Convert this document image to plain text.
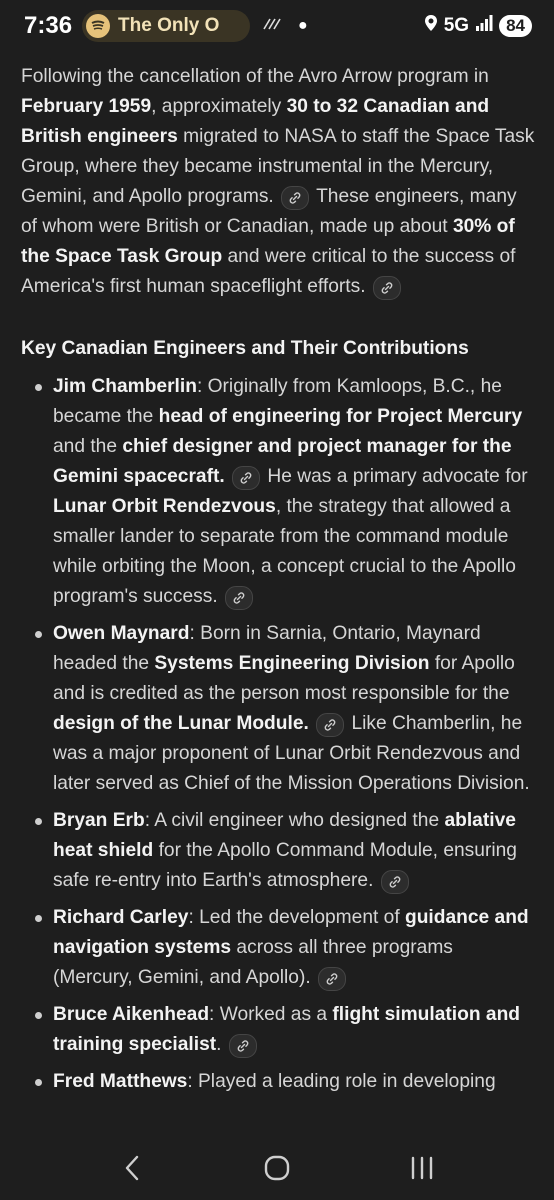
7:36 The Only O	●	5G	84

Following the cancellation of the Avro Arrow program in February 1959, approximately 30 to 32 Canadian and British engineers migrated to NASA to staff the Space Task Group, where they became instrumental in the Mercury, Gemini, and Apollo programs.
These engineers, many of whom were British or Canadian, made up about 30% of the Space Task Group and were critical to the success of America's first human spaceflight efforts.

Key Canadian Engineers and Their Contributions
Jim Chamberlin: Originally from Kamloops, B.C., he became the head of engineering for Project Mercury and the chief designer and project manager for the Gemini spacecraft.
He was a primary advocate for Lunar Orbit Rendezvous, the strategy that allowed a smaller lander to separate from the command module while orbiting the Moon, a concept crucial to the Apollo program's success.
Owen Maynard: Born in Sarnia, Ontario, Maynard headed the Systems Engineering Division for Apollo and is credited as the person most responsible for the design of the Lunar Module.
Like Chamberlin, he was a major proponent of Lunar Orbit Rendezvous and later served as Chief of the Mission Operations Division.
Bryan Erb: A civil engineer who designed the ablative heat shield for the Apollo Command Module, ensuring safe re-entry into Earth's atmosphere.
Richard Carley: Led the development of guidance and navigation systems across all three programs (Mercury, Gemini, and Apollo).
Bruce Aikenhead: Worked as a flight simulation and training specialist.
Fred Matthews: Played a leading role in developing
